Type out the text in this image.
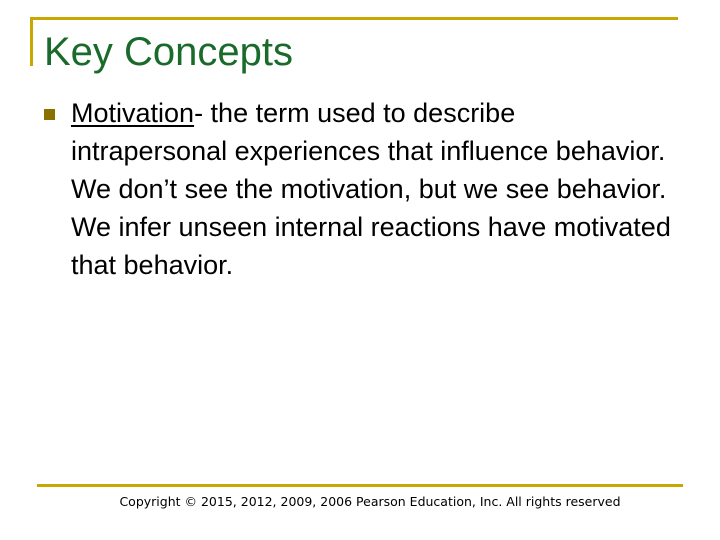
Key Concepts

Motivation- the term used to describe intrapersonal experiences that influence behavior. We don’t see the motivation, but we see behavior. We infer unseen internal reactions have motivated that behavior.

Copyright © 2015, 2012, 2009, 2006 Pearson Education, Inc. All rights reserved
